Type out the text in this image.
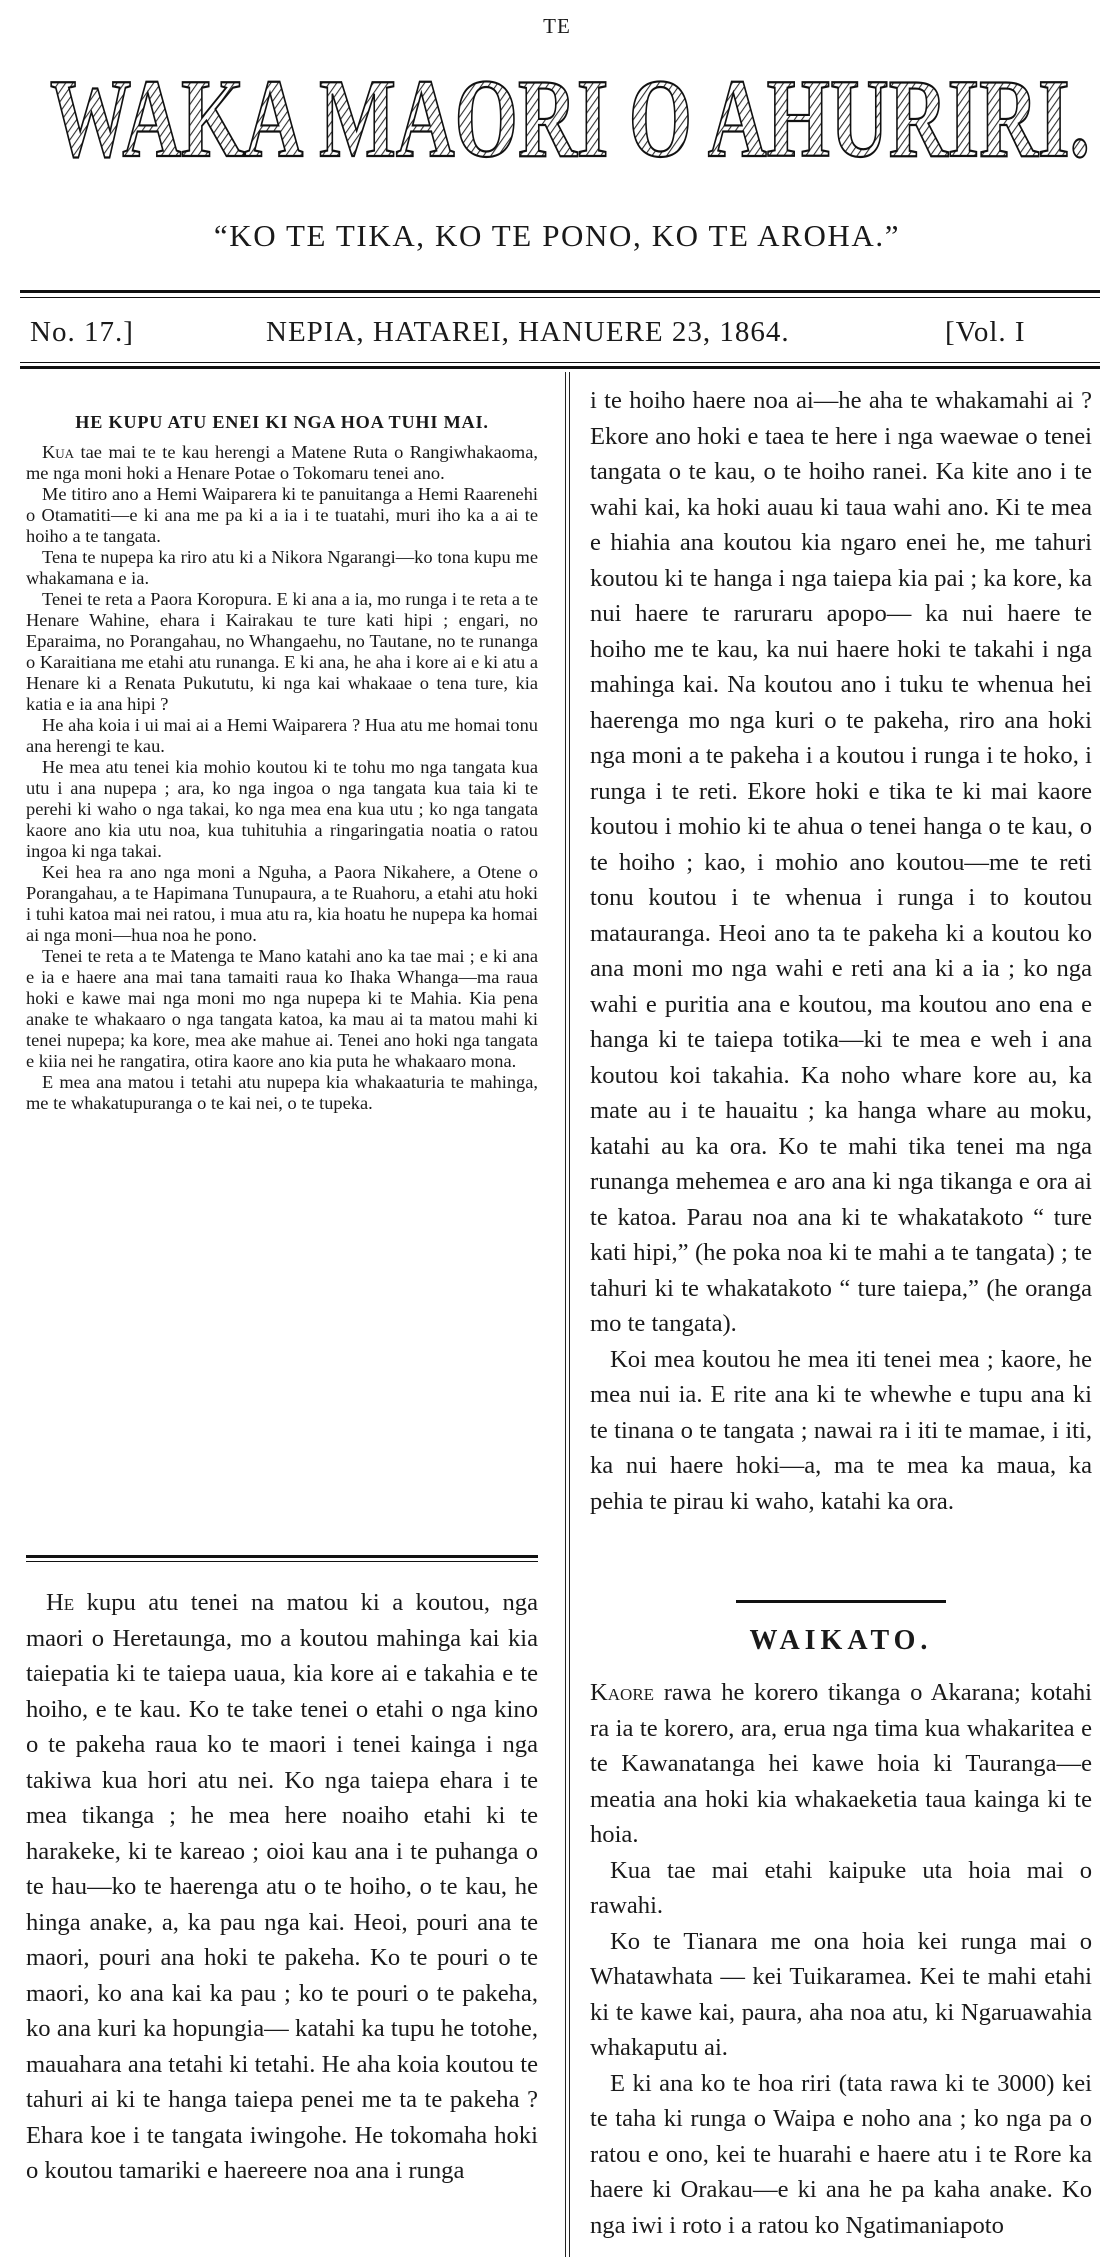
TE
WAKA MAORI O AHURIRI.
“KO TE TIKA, KO TE PONO, KO TE AROHA.”
No. 17.]	NEPIA, HATAREI, HANUERE 23, 1864.	[Vol. I
HE KUPU ATU ENEI KI NGA HOA TUHI MAI.

Kua tae mai te te kau herengi a Matene Ruta o Rangiwhakaoma, me nga moni hoki a Henare Potae o Tokomaru tenei ano.

Me titiro ano a Hemi Waiparera ki te panuitanga a Hemi Raarenehi o Otamatiti—e ki ana me pa ki a ia i te tuatahi, muri iho ka a ai te hoiho a te tangata.

Tena te nupepa ka riro atu ki a Nikora Ngarangi—ko tona kupu me whakamana e ia.

Tenei te reta a Paora Koropura. E ki ana a ia, mo runga i te reta a te Henare Wahine, ehara i Kairakau te ture kati hipi ; engari, no Eparaima, no Porangahau, no Whangaehu, no Tautane, no te runanga o Karaitiana me etahi atu runanga. E ki ana, he aha i kore ai e ki atu a Henare ki a Renata Pukututu, ki nga kai whakaae o tena ture, kia katia e ia ana hipi ?

He aha koia i ui mai ai a Hemi Waiparera ? Hua atu me homai tonu ana herengi te kau.

He mea atu tenei kia mohio koutou ki te tohu mo nga tangata kua utu i ana nupepa ; ara, ko nga ingoa o nga tangata kua taia ki te perehi ki waho o nga takai, ko nga mea ena kua utu ; ko nga tangata kaore ano kia utu noa, kua tuhituhia a ringaringatia noatia o ratou ingoa ki nga takai.

Kei hea ra ano nga moni a Nguha, a Paora Nikahere, a Otene o Porangahau, a te Hapimana Tunupaura, a te Ruahoru, a etahi atu hoki i tuhi katoa mai nei ratou, i mua atu ra, kia hoatu he nupepa ka homai ai nga moni—hua noa he pono.

Tenei te reta a te Matenga te Mano katahi ano ka tae mai ; e ki ana e ia e haere ana mai tana tamaiti raua ko Ihaka Whanga—ma raua hoki e kawe mai nga moni mo nga nupepa ki te Mahia. Kia pena anake te whakaaro o nga tangata katoa, ka mau ai ta matou mahi ki tenei nupepa; ka kore, mea ake mahue ai. Tenei ano hoki nga tangata e kiia nei he rangatira, otira kaore ano kia puta he whakaaro mona.

E mea ana matou i tetahi atu nupepa kia whakaaturia te mahinga, me te whakatupuranga o te kai nei, o te tupeka.

He kupu atu tenei na matou ki a koutou, nga maori o Heretaunga, mo a koutou mahinga kai kia taiepatia ki te taiepa uaua, kia kore ai e takahia e te hoiho, e te kau. Ko te take tenei o etahi o nga kino o te pakeha raua ko te maori i tenei kainga i nga takiwa kua hori atu nei. Ko nga taiepa ehara i te mea tikanga ; he mea here noaiho etahi ki te harakeke, ki te kareao ; oioi kau ana i te puhanga o te hau—ko te haerenga atu o te hoiho, o te kau, he hinga anake, a, ka pau nga kai. Heoi, pouri ana te maori, pouri ana hoki te pakeha. Ko te pouri o te maori, ko ana kai ka pau ; ko te pouri o te pakeha, ko ana kuri ka hopungia— katahi ka tupu he totohe, mauahara ana tetahi ki tetahi. He aha koia koutou te tahuri ai ki te hanga taiepa penei me ta te pakeha ? Ehara koe i te tangata iwingohe. He tokomaha hoki o koutou tamariki e haereere noa ana i runga

i te hoiho haere noa ai—he aha te whakamahi ai ? Ekore ano hoki e taea te here i nga waewae o tenei tangata o te kau, o te hoiho ranei. Ka kite ano i te wahi kai, ka hoki auau ki taua wahi ano. Ki te mea e hiahia ana koutou kia ngaro enei he, me tahuri koutou ki te hanga i nga taiepa kia pai ; ka kore, ka nui haere te raruraru apopo— ka nui haere te hoiho me te kau, ka nui haere hoki te takahi i nga mahinga kai. Na koutou ano i tuku te whenua hei haerenga mo nga kuri o te pakeha, riro ana hoki nga moni a te pakeha i a koutou i runga i te hoko, i runga i te reti. Ekore hoki e tika te ki mai kaore koutou i mohio ki te ahua o tenei hanga o te kau, o te hoiho ; kao, i mohio ano koutou—me te reti tonu koutou i te whenua i runga i to koutou matauranga. Heoi ano ta te pakeha ki a koutou ko ana moni mo nga wahi e reti ana ki a ia ; ko nga wahi e puritia ana e koutou, ma koutou ano ena e hanga ki te taiepa totika—ki te mea e weh i ana koutou koi takahia. Ka noho whare kore au, ka mate au i te hauaitu ; ka hanga whare au moku, katahi au ka ora. Ko te mahi tika tenei ma nga runanga mehemea e aro ana ki nga tikanga e ora ai te katoa. Parau noa ana ki te whakatakoto “ ture kati hipi,” (he poka noa ki te mahi a te tangata) ; te tahuri ki te whakatakoto “ ture taiepa,” (he oranga mo te tangata).

Koi mea koutou he mea iti tenei mea ; kaore, he mea nui ia. E rite ana ki te whewhe e tupu ana ki te tinana o te tangata ; nawai ra i iti te mamae, i iti, ka nui haere hoki—a, ma te mea ka maua, ka pehia te pirau ki waho, katahi ka ora.

WAIKATO.

Kaore rawa he korero tikanga o Akarana; kotahi ra ia te korero, ara, erua nga tima kua whakaritea e te Kawanatanga hei kawe hoia ki Tauranga—e meatia ana hoki kia whakaeketia taua kainga ki te hoia.

Kua tae mai etahi kaipuke uta hoia mai o rawahi.

Ko te Tianara me ona hoia kei runga mai o Whatawhata — kei Tuikaramea. Kei te mahi etahi ki te kawe kai, paura, aha noa atu, ki Ngaruawahia whakaputu ai.

E ki ana ko te hoa riri (tata rawa ki te 3000) kei te taha ki runga o Waipa e noho ana ; ko nga pa o ratou e ono, kei te huarahi e haere atu i te Rore ka haere ki Orakau—e ki ana he pa kaha anake. Ko nga iwi i roto i a ratou ko Ngatimaniapoto
